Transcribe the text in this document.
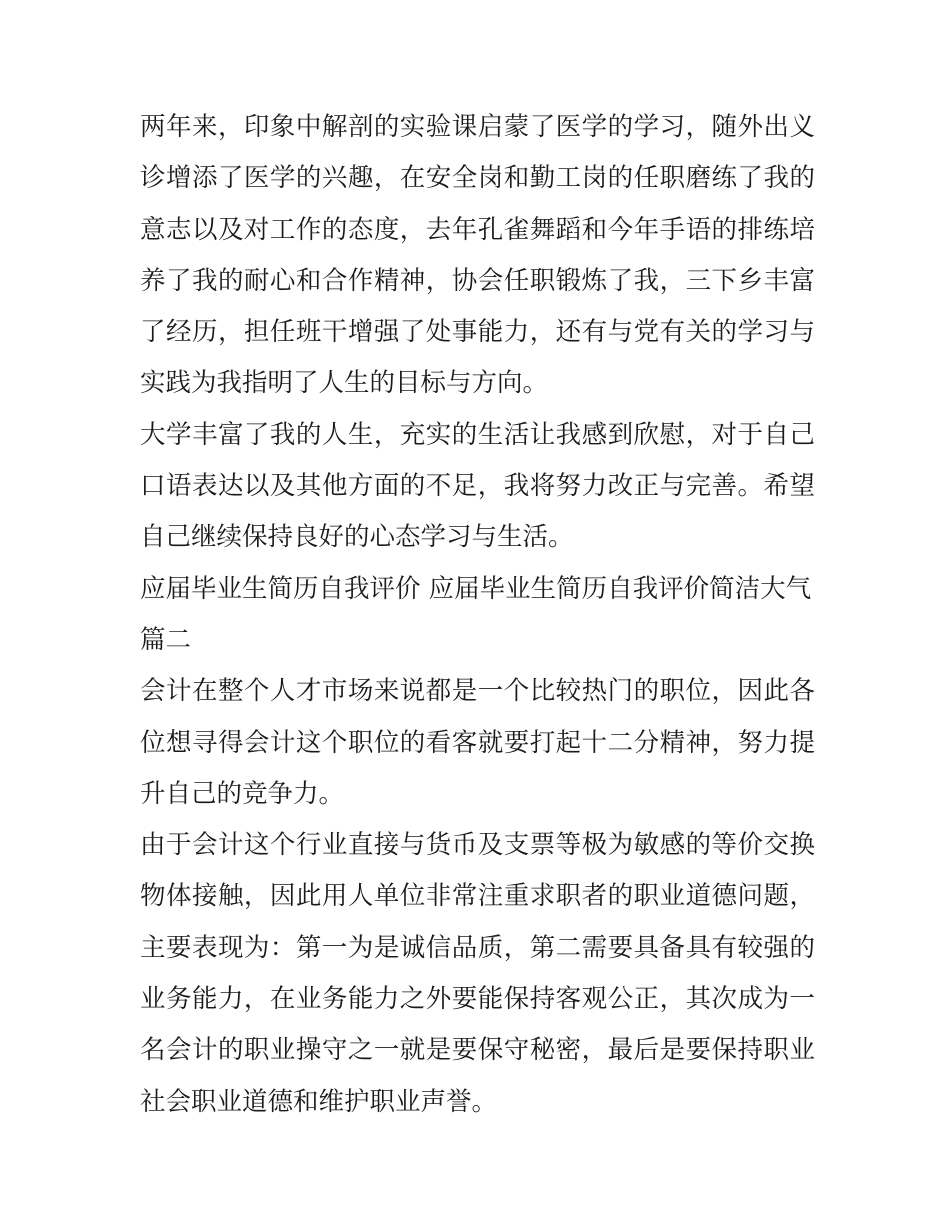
两年来，印象中解剖的实验课启蒙了医学的学习，随外出义诊增添了医学的兴趣，在安全岗和勤工岗的任职磨练了我的意志以及对工作的态度，去年孔雀舞蹈和今年手语的排练培养了我的耐心和合作精神，协会任职锻炼了我，三下乡丰富了经历，担任班干增强了处事能力，还有与党有关的学习与实践为我指明了人生的目标与方向。

大学丰富了我的人生，充实的生活让我感到欣慰，对于自己口语表达以及其他方面的不足，我将努力改正与完善。希望自己继续保持良好的心态学习与生活。

应届毕业生简历自我评价 应届毕业生简历自我评价简洁大气

篇二

会计在整个人才市场来说都是一个比较热门的职位，因此各位想寻得会计这个职位的看客就要打起十二分精神，努力提升自己的竞争力。

由于会计这个行业直接与货币及支票等极为敏感的等价交换物体接触，因此用人单位非常注重求职者的职业道德问题，主要表现为：第一为是诚信品质，第二需要具备具有较强的业务能力，在业务能力之外要能保持客观公正，其次成为一名会计的职业操守之一就是要保守秘密，最后是要保持职业社会职业道德和维护职业声誉。
